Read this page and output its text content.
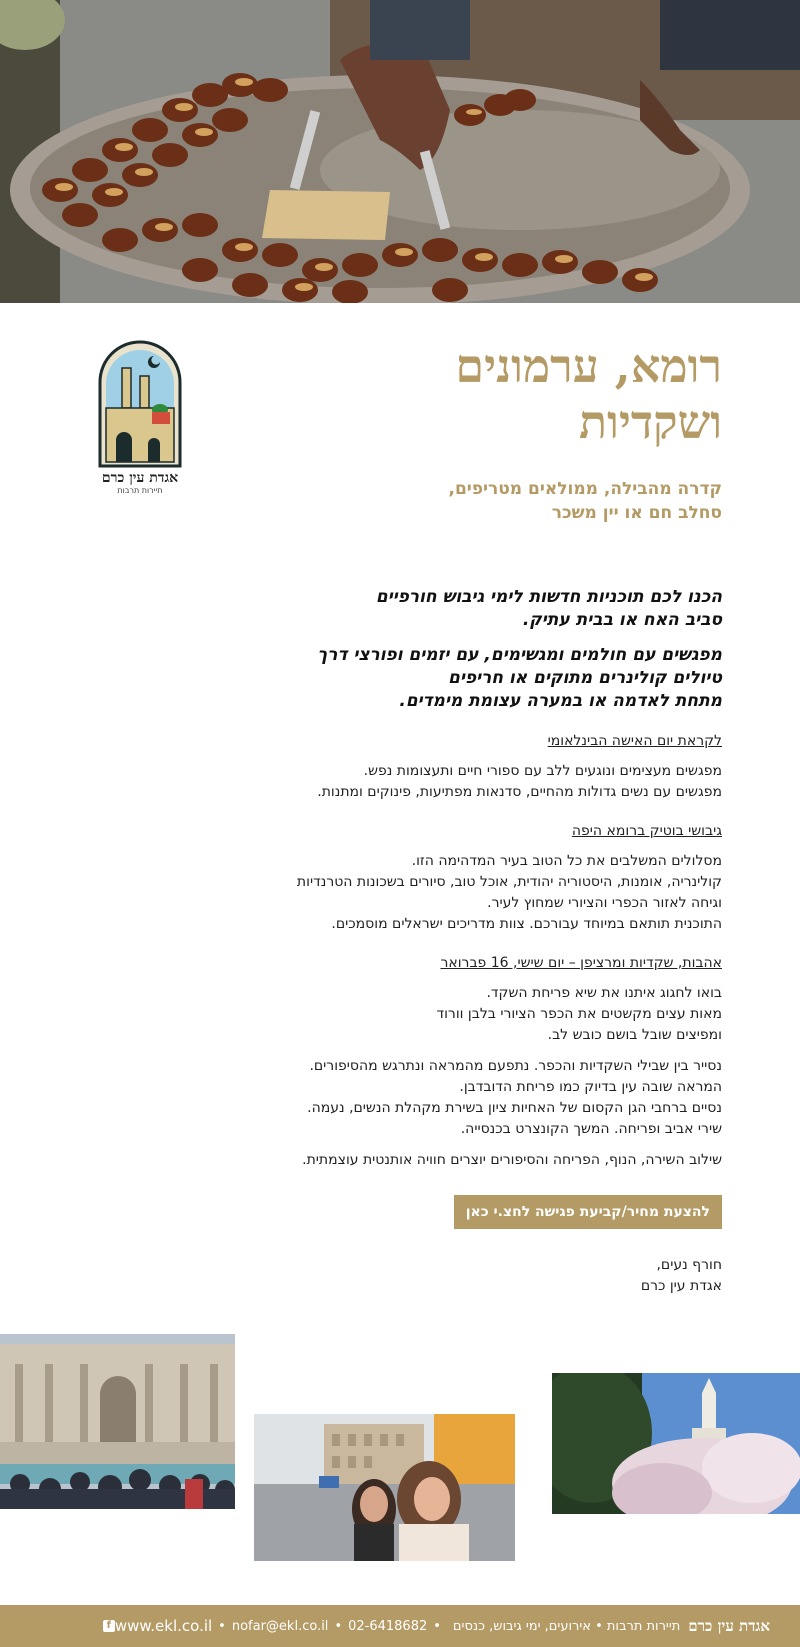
אגדת עין כרם
תיירות תרבות
רומא, ערמונים
ושקדיות
קדרה מהבילה, ממולאים מטריפים,
סחלב חם או יין משכר
הכנו לכם תוכניות חדשות לימי גיבוש חורפיים
סביב האח או בבית עתיק.
מפגשים עם חולמים ומגשימים, עם יזמים ופורצי דרך
טיולים קולינרים מתוקים או חריפים
מתחת לאדמה או במערה עצומת מימדים.
לקראת יום האישה הבינלאומי
מפגשים מעצימים ונוגעים ללב עם ספורי חיים ותעצומות נפש.
מפגשים עם נשים גדולות מהחיים, סדנאות מפתיעות, פינוקים ומתנות.
גיבושי בוטיק ברומא היפה
מסלולים המשלבים את כל הטוב בעיר המדהימה הזו.
קולינריה, אומנות, היסטוריה יהודית, אוכל טוב, סיורים בשכונות הטרנדיות
וגיחה לאזור הכפרי והציורי שמחוץ לעיר.
התוכנית תותאם במיוחד עבורכם. צוות מדריכים ישראלים מוסמכים.
אהבות, שקדיות ומרציפן – יום שישי, 16 פברואר
בואו לחגוג איתנו את שיא פריחת השקד.
מאות עצים מקשטים את הכפר הציורי בלבן וורוד
ומפיצים שובל בושם כובש לב.
נסייר בין שבילי השקדיות והכפר. נתפעם מהמראה ונתרגש מהסיפורים.
המראה שובה עין בדיוק כמו פריחת הדובדבן.
נסיים ברחבי הגן הקסום של האחיות ציון בשירת מקהלת הנשים, נעמה.
שירי אביב ופריחה. המשך הקונצרט בכנסייה.
שילוב השירה, הנוף, הפריחה והסיפורים יוצרים חוויה אותנטית עוצמתית.
להצעת מחיר/קביעת פגישה לחצ.י כאן
חורף נעים,
אגדת עין כרם
אגדת עין כרם
תיירות תרבות • אירועים, ימי גיבוש, כנסים
•
02-6418682
•
nofar@ekl.co.il
•
www.ekl.co.il
f
